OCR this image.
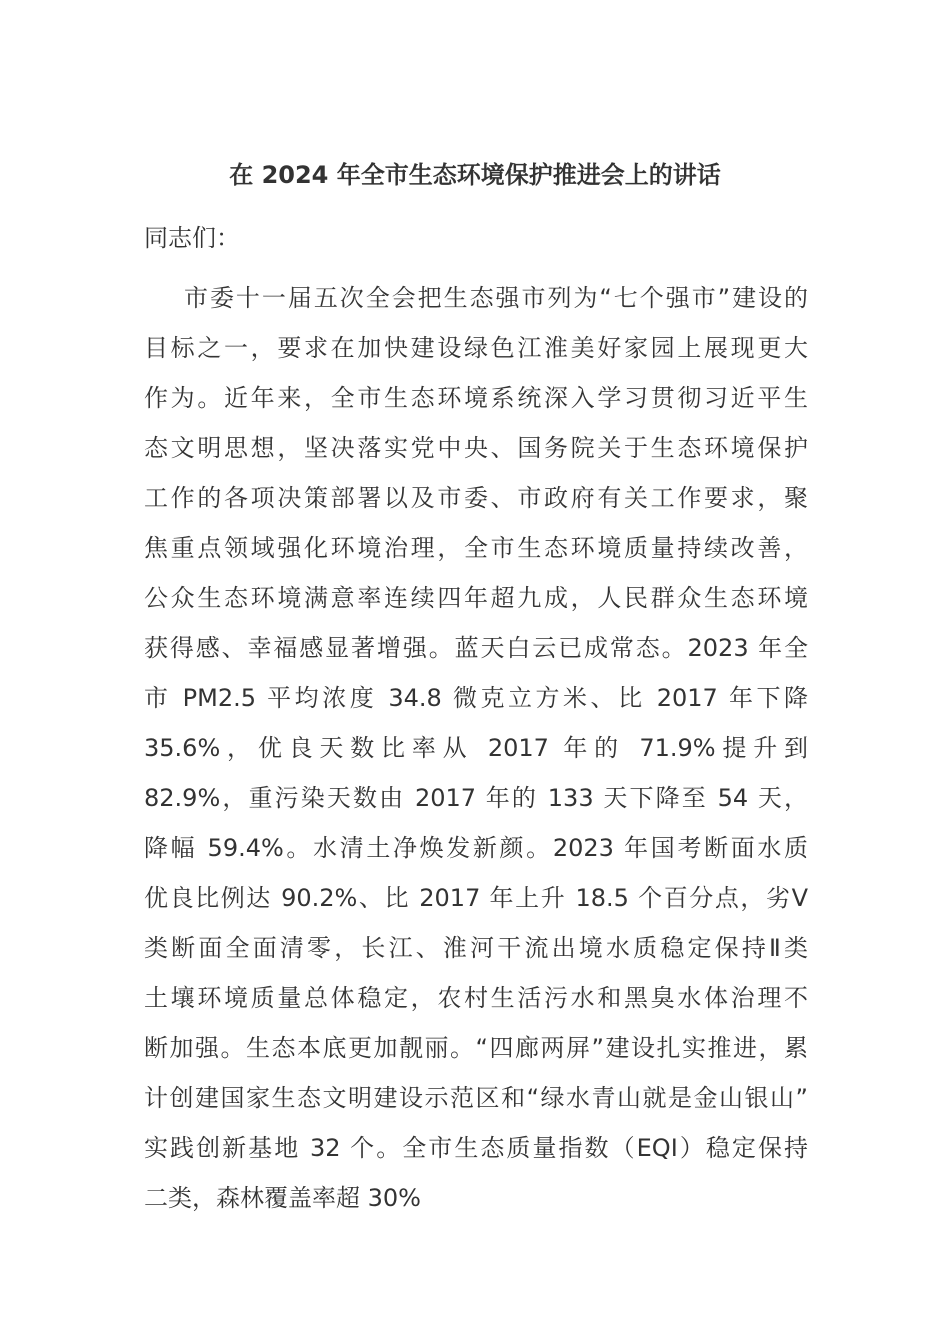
在 2024 年全市生态环境保护推进会上的讲话
同志们：
市委十一届五次全会把生态强市列为“七个强市”建设的
目标之一，要求在加快建设绿色江淮美好家园上展现更大
作为。近年来，全市生态环境系统深入学习贯彻习近平生
态文明思想，坚决落实党中央、国务院关于生态环境保护
工作的各项决策部署以及市委、市政府有关工作要求，聚
焦重点领域强化环境治理，全市生态环境质量持续改善，
公众生态环境满意率连续四年超九成，人民群众生态环境
获得感、幸福感显著增强。蓝天白云已成常态。2023 年全
市 PM2.5 平均浓度 34.8 微克立方米、比 2017 年下降
35.6%，优良天数比率从 2017 年的 71.9%提升到
82.9%，重污染天数由 2017 年的 133 天下降至 54 天，
降幅 59.4%。水清土净焕发新颜。2023 年国考断面水质
优良比例达 90.2%、比 2017 年上升 18.5 个百分点，劣Ⅴ
类断面全面清零，长江、淮河干流出境水质稳定保持Ⅱ类
土壤环境质量总体稳定，农村生活污水和黑臭水体治理不
断加强。生态本底更加靓丽。“四廊两屏”建设扎实推进，累
计创建国家生态文明建设示范区和“绿水青山就是金山银山”
实践创新基地 32 个。全市生态质量指数（EQI）稳定保持
二类，森林覆盖率超 30%
